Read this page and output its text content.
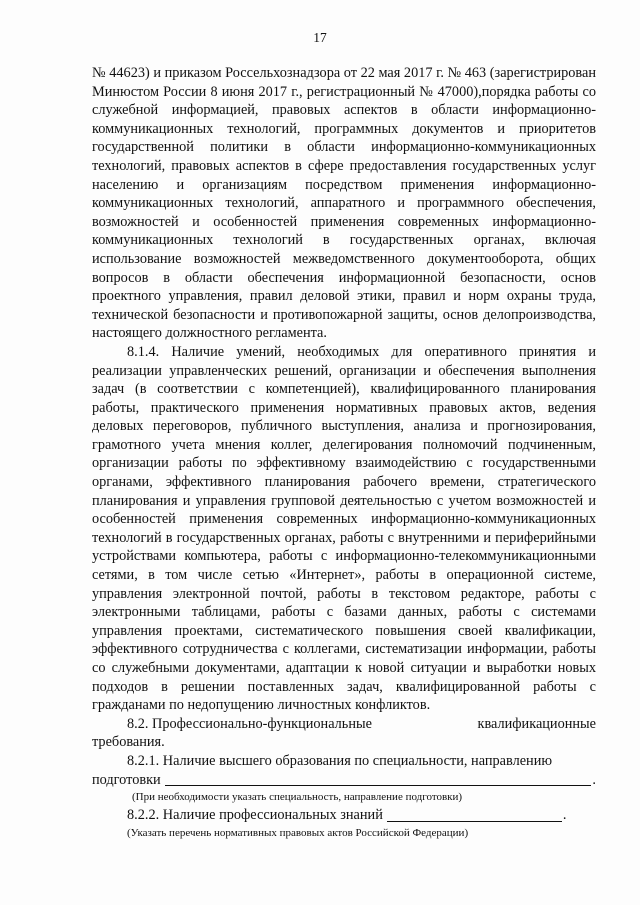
17

№ 44623) и приказом Россельхознадзора от 22 мая 2017 г. № 463 (зарегистрирован Минюстом России 8 июня 2017 г., регистрационный № 47000),порядка работы со служебной информацией, правовых аспектов в области информационно-коммуникационных технологий, программных документов и приоритетов государственной политики в области информационно-коммуникационных технологий, правовых аспектов в сфере предоставления государственных услуг населению и организациям посредством применения информационно-коммуникационных технологий, аппаратного и программного обеспечения, возможностей и особенностей применения современных информационно-коммуникационных технологий в государственных органах, включая использование возможностей межведомственного документооборота, общих вопросов в области обеспечения информационной безопасности, основ проектного управления, правил деловой этики, правил и норм охраны труда, технической безопасности и противопожарной защиты, основ делопроизводства, настоящего должностного регламента.

8.1.4. Наличие умений, необходимых для оперативного принятия и реализации управленческих решений, организации и обеспечения выполнения задач (в соответствии с компетенцией), квалифицированного планирования работы, практического применения нормативных правовых актов, ведения деловых переговоров, публичного выступления, анализа и прогнозирования, грамотного учета мнения коллег, делегирования полномочий подчиненным, организации работы по эффективному взаимодействию с государственными органами, эффективного планирования рабочего времени, стратегического планирования и управления групповой деятельностью с учетом возможностей и особенностей применения современных информационно-коммуникационных технологий в государственных органах, работы с внутренними и периферийными устройствами компьютера, работы с информационно-телекоммуникационными сетями, в том числе сетью «Интернет», работы в операционной системе, управления электронной почтой, работы в текстовом редакторе, работы с электронными таблицами, работы с базами данных, работы с системами управления проектами, систематического повышения своей квалификации, эффективного сотрудничества с коллегами, систематизации информации, работы со служебными документами, адаптации к новой ситуации и выработки новых подходов в решении поставленных задач, квалифицированной работы с гражданами по недопущению личностных конфликтов.

8.2. Профессионально-функциональные	квалификационные

требования.

8.2.1. Наличие высшего образования по специальности, направлению

подготовки	.
(При необходимости указать специальность, направление подготовки)
8.2.2. Наличие профессиональных знаний	.
(Указать перечень нормативных правовых актов Российской Федерации)
